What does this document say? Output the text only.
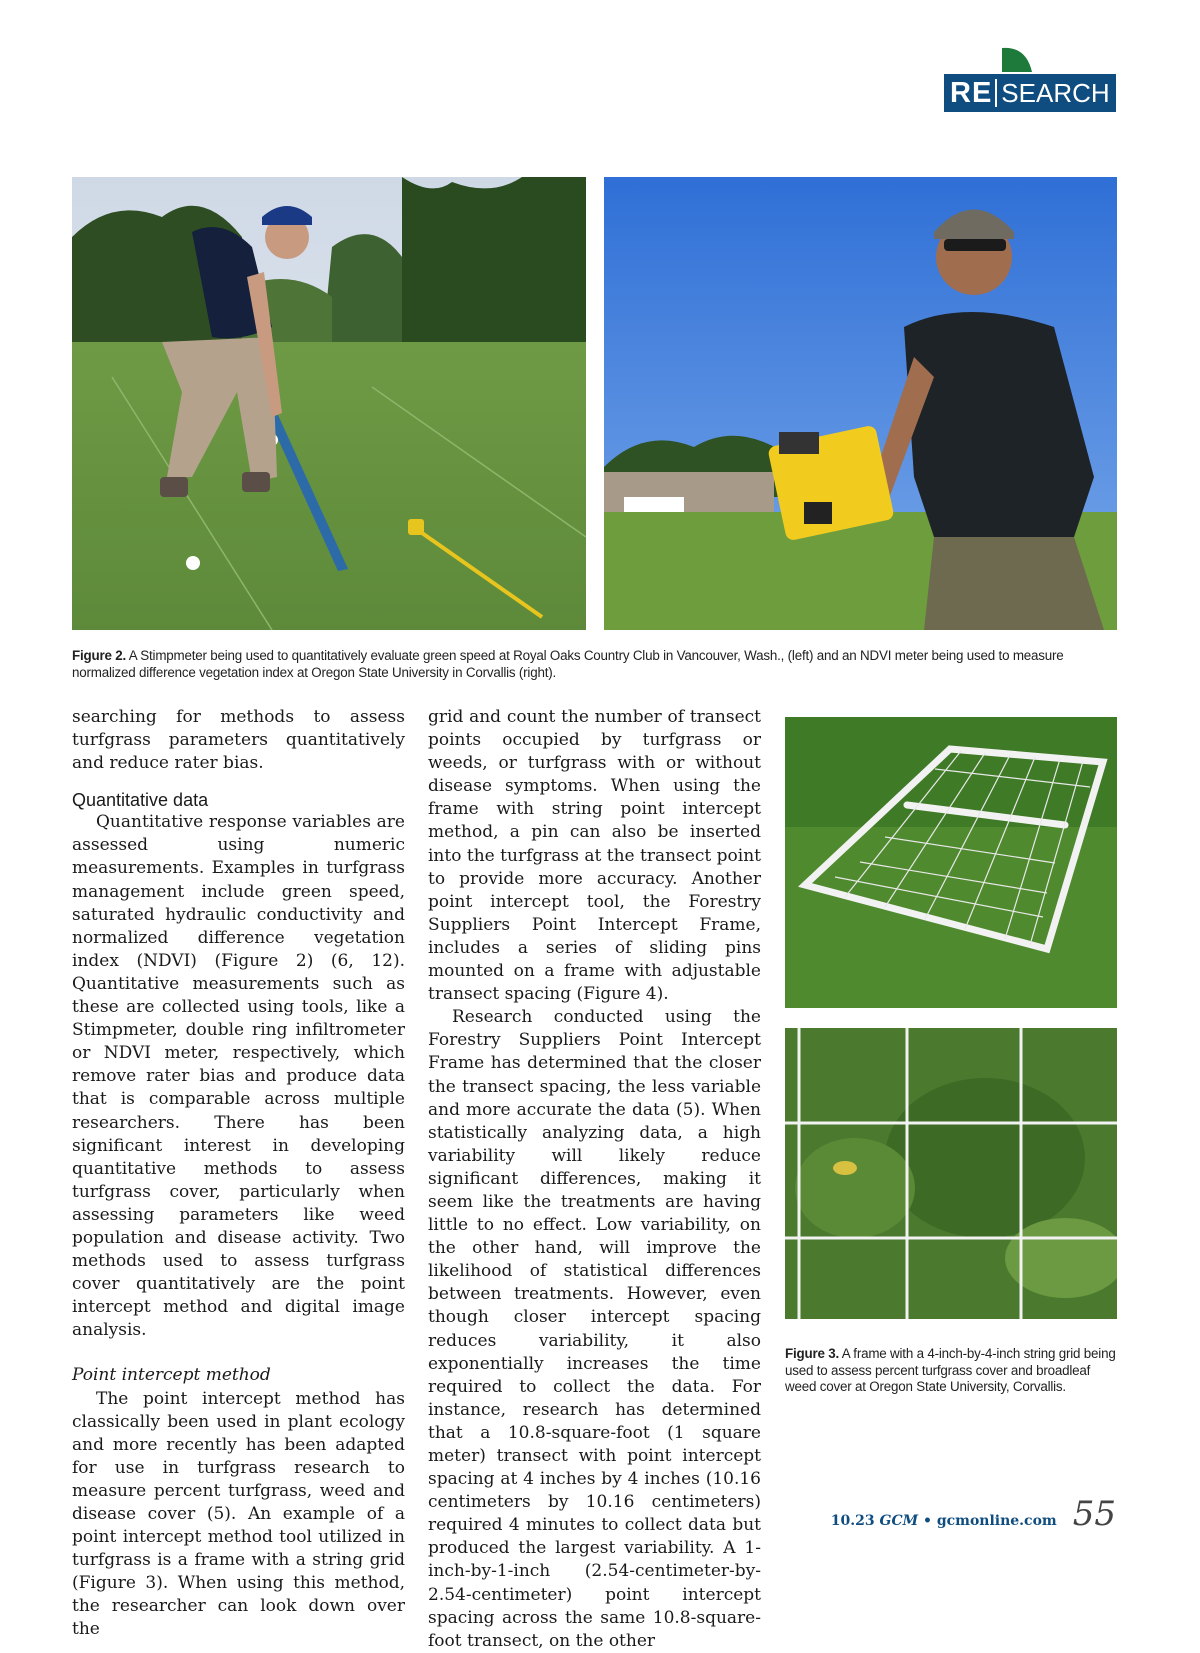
RE SEARCH
Figure 2. A Stimpmeter being used to quantitatively evaluate green speed at Royal Oaks Country Club in Vancouver, Wash., (left) and an NDVI meter being used to measure normalized difference vegetation index at Oregon State University in Corvallis (right).

searching for methods to assess turfgrass parameters quantitatively and reduce rater bias.

Quantitative data

Quantitative response variables are assessed using numeric measurements. Examples in turfgrass management include green speed, saturated hydraulic conductivity and normalized difference vegetation index (NDVI) (Figure 2) (6, 12). Quantitative measurements such as these are collected using tools, like a Stimpmeter, double ring infiltrometer or NDVI meter, respectively, which remove rater bias and produce data that is comparable across multiple researchers. There has been significant interest in developing quantitative methods to assess turfgrass cover, particularly when assessing parameters like weed population and disease activity. Two methods used to assess turfgrass cover quantitatively are the point intercept method and digital image analysis.

Point intercept method

The point intercept method has classically been used in plant ecology and more recently has been adapted for use in turfgrass research to measure percent turfgrass, weed and disease cover (5). An example of a point intercept method tool utilized in turfgrass is a frame with a string grid (Figure 3). When using this method, the researcher can look down over the

grid and count the number of transect points occupied by turfgrass or weeds, or turfgrass with or without disease symptoms. When using the frame with string point intercept method, a pin can also be inserted into the turfgrass at the transect point to provide more accuracy. Another point intercept tool, the Forestry Suppliers Point Intercept Frame, includes a series of sliding pins mounted on a frame with adjustable transect spacing (Figure 4).

Research conducted using the Forestry Suppliers Point Intercept Frame has determined that the closer the transect spacing, the less variable and more accurate the data (5). When statistically analyzing data, a high variability will likely reduce significant differences, making it seem like the treatments are having little to no effect. Low variability, on the other hand, will improve the likelihood of statistical differences between treatments. However, even though closer intercept spacing reduces variability, it also exponentially increases the time required to collect the data. For instance, research has determined that a 10.8-square-foot (1 square meter) transect with point intercept spacing at 4 inches by 4 inches (10.16 centimeters by 10.16 centimeters) required 4 minutes to collect data but produced the largest variability. A 1-inch-by-1-inch (2.54-centimeter-by-2.54-centimeter) point intercept spacing across the same 10.8-square-foot transect, on the other

Figure 3. A frame with a 4-inch-by-4-inch string grid being used to assess percent turfgrass cover and broadleaf weed cover at Oregon State University, Corvallis.
10.23 GCM • gcmonline.com 55
